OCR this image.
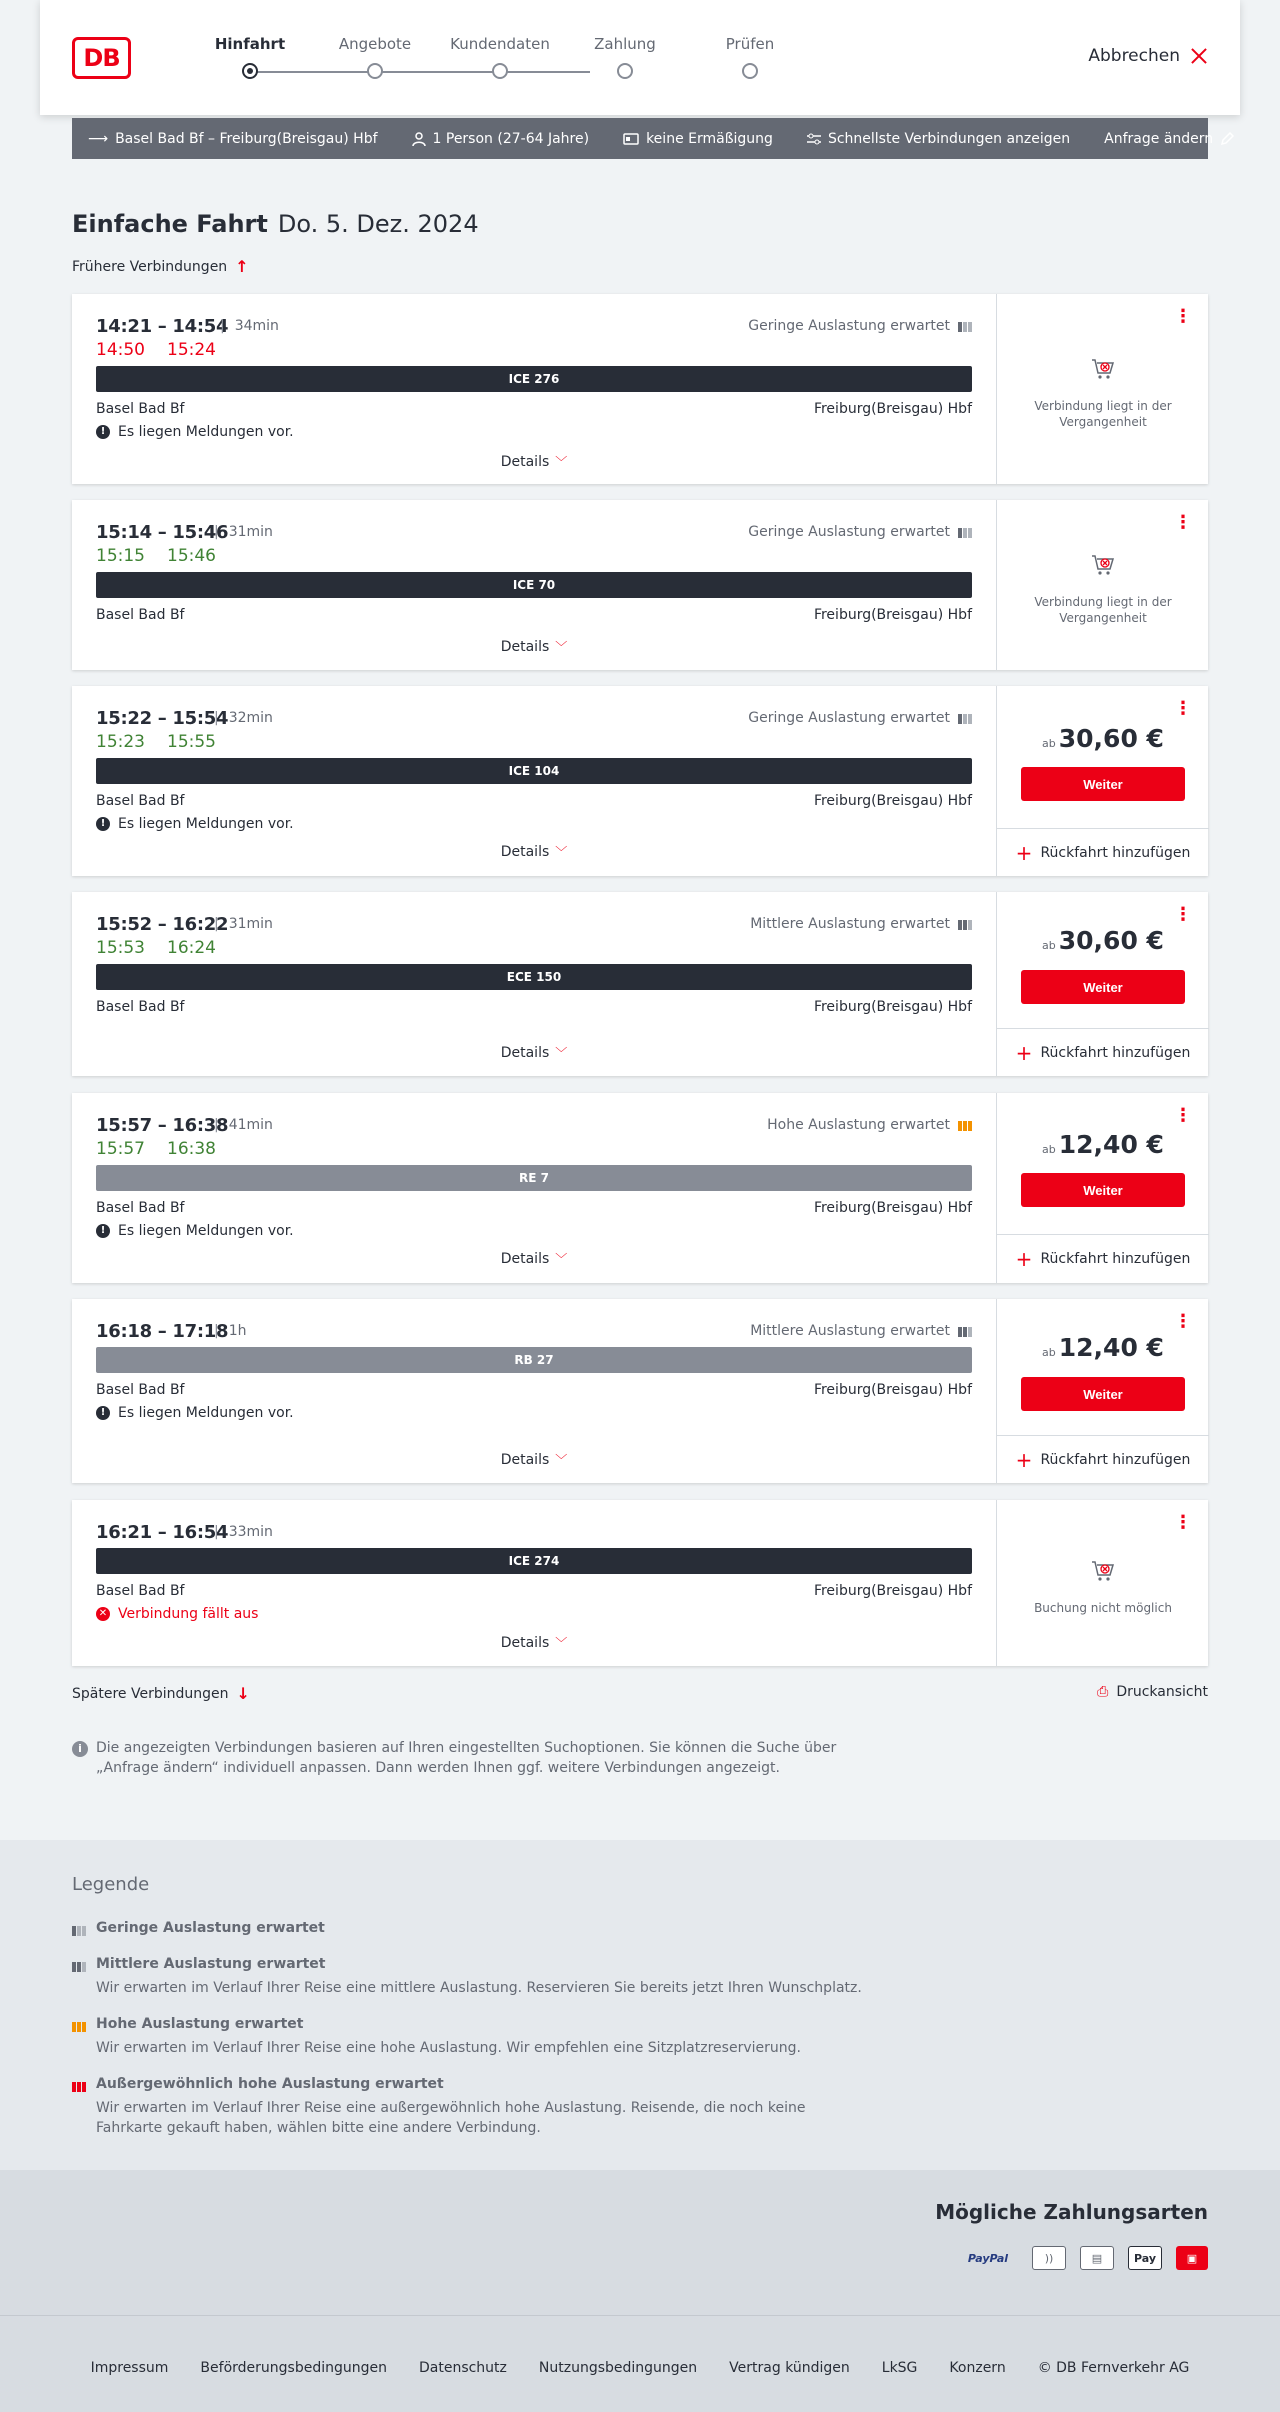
DB	Hinfahrt	Angebote	Kundendaten	Zahlung	Prüfen
Abbrechen
⟶ Basel Bad Bf – Freiburg(Breisgau) Hbf	1 Person (27-64 Jahre)	keine Ermäßigung	Schnellste Verbindungen anzeigen Anfrage ändern
Einfache Fahrt Do. 5. Dez. 2024
Frühere Verbindungen ↑
14:21 – 14:54 | 34min
14:50 15:24
Geringe Auslastung erwartet
ICE 276
Basel Bad Bf	Freiburg(Breisgau) Hbf
! Es liegen Meldungen vor.
Details ﹀
⋮
Verbindung liegt in der
Vergangenheit
15:14 – 15:46 | 31min
15:15 15:46
Geringe Auslastung erwartet
ICE 70
Basel Bad Bf	Freiburg(Breisgau) Hbf
Details ﹀
⋮
Verbindung liegt in der
Vergangenheit
15:22 – 15:54 | 32min
15:23 15:55
Geringe Auslastung erwartet
ICE 104
Basel Bad Bf	Freiburg(Breisgau) Hbf
! Es liegen Meldungen vor.
Details ﹀
⋮
ab 30,60 €
Weiter
+ Rückfahrt hinzufügen
15:52 – 16:22 | 31min
15:53 16:24
Mittlere Auslastung erwartet
ECE 150
Basel Bad Bf	Freiburg(Breisgau) Hbf
Details ﹀
⋮
ab 30,60 €
Weiter
+ Rückfahrt hinzufügen
15:57 – 16:38 | 41min
15:57 16:38
Hohe Auslastung erwartet
RE 7
Basel Bad Bf	Freiburg(Breisgau) Hbf
! Es liegen Meldungen vor.
Details ﹀
⋮
ab 12,40 €
Weiter
+ Rückfahrt hinzufügen
16:18 – 17:18 | 1h	Mittlere Auslastung erwartet
RB 27
Basel Bad Bf	Freiburg(Breisgau) Hbf
! Es liegen Meldungen vor.
Details ﹀
⋮
ab 12,40 €
Weiter
+ Rückfahrt hinzufügen
16:21 – 16:54 | 33min
ICE 274
Basel Bad Bf	Freiburg(Breisgau) Hbf
✕ Verbindung fällt aus
Details ﹀
⋮
Buchung nicht möglich
Spätere Verbindungen ↓	⎙ Druckansicht
i	Die angezeigten Verbindungen basieren auf Ihren eingestellten Suchoptionen. Sie können die Suche über „Anfrage ändern“ individuell anpassen. Dann werden Ihnen ggf. weitere Verbindungen angezeigt.
Legende
Geringe Auslastung erwartet
Mittlere Auslastung erwartet
Wir erwarten im Verlauf Ihrer Reise eine mittlere Auslastung. Reservieren Sie bereits jetzt Ihren Wunschplatz.
Hohe Auslastung erwartet
Wir erwarten im Verlauf Ihrer Reise eine hohe Auslastung. Wir empfehlen eine Sitzplatzreservierung.
Außergewöhnlich hohe Auslastung erwartet
Wir erwarten im Verlauf Ihrer Reise eine außergewöhnlich hohe Auslastung. Reisende, die noch keine Fahrkarte gekauft haben, wählen bitte eine andere Verbindung.
Mögliche Zahlungsarten
PayPal	))	▤	Pay	▣
Impressum Beförderungsbedingungen Datenschutz Nutzungsbedingungen Vertrag kündigen LkSG Konzern © DB Fernverkehr AG
